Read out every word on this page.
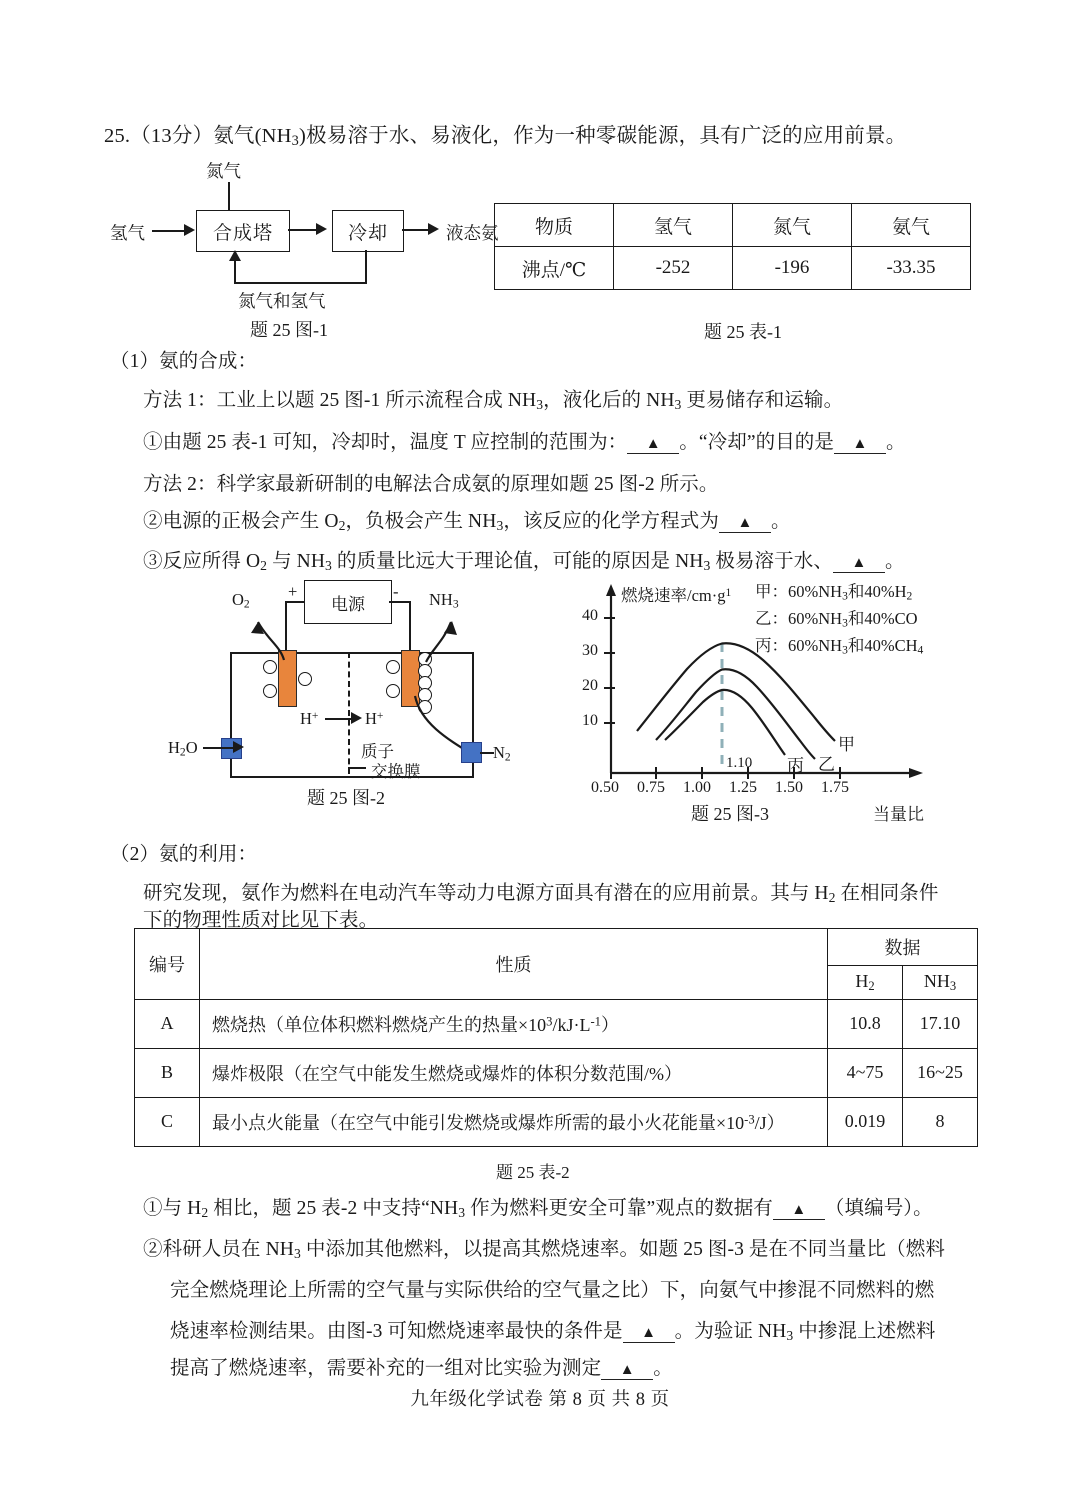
25.（13分）氨气$(NH_3)$极易溶于水、易液化，作为一种零碳能源，具有广泛的应用前景。
氮气
氢气	合成塔	冷却	液态氨
氮气和氢气
题 25 图-1
物质	氢气	氮气	氨气
沸点/℃	-252	-196	-33.35
题 25 表-1
（1）氨的合成：
方法 1：工业上以题 25 图-1 所示流程合成 $NH_3$，液化后的 $NH_3$ 更易储存和运输。
①由题 25 表-1 可知，冷却时，温度 T 应控制的范围为： ▲ 。“冷却”的目的是 ▲ 。
方法 2：科学家最新研制的电解法合成氨的原理如题 25 图-2 所示。
②电源的正极会产生 $O_2$，负极会产生 $NH_3$，该反应的化学方程式为 ▲ 。
③反应所得 $O_2$ 与 $NH_3$ 的质量比远大于理论值，可能的原因是 $NH_3$ 极易溶于水、 ▲ 。
电源
+	-
$O_2$	$NH_3$
H+	H+
质子
交换膜
$H_2O$	$N_2$
题 25 图-2
40
30
20
10
0.50 0.75 1.00 1.25 1.50 1.75
1.10
燃烧速率$/cm\cdot g^1$
当量比
甲
乙
丙
甲：$60\%NH_3$和$40\%H_2$
乙：$60\%NH_3$和40%CO
丙：$60\%NH_3$和$40\%CH_4$
题 25 图-3
（2）氨的利用：
研究发现，氨作为燃料在电动汽车等动力电源方面具有潜在的应用前景。其与 $H_2$ 在相同条件
下的物理性质对比见下表。
编号	性质	数据	
		$H_2$	$NH_3$
A	燃烧热（单位体积燃料燃烧产生的热量$\times 10^3/kJ\cdot L^{-1}$）	10.8	17.10
B	爆炸极限（在空气中能发生燃烧或爆炸的体积分数范围/%）	4~75	16~25
C	最小点火能量（在空气中能引发燃烧或爆炸所需的最小火花能量$\times 10^{-3}/J$）	0.019	8
题 25 表-2
①与 $H_2$ 相比，题 25 表-2 中支持“$NH_3$ 作为燃料更安全可靠”观点的数据有 ▲ （填编号）。
②科研人员在 $NH_3$ 中添加其他燃料，以提高其燃烧速率。如题 25 图-3 是在不同当量比（燃料
完全燃烧理论上所需的空气量与实际供给的空气量之比）下，向氨气中掺混不同燃料的燃
烧速率检测结果。由图-3 可知燃烧速率最快的条件是 ▲ 。为验证 $NH_3$ 中掺混上述燃料
提高了燃烧速率，需要补充的一组对比实验为测定 ▲ 。
九年级化学试卷 第 8 页 共 8 页
